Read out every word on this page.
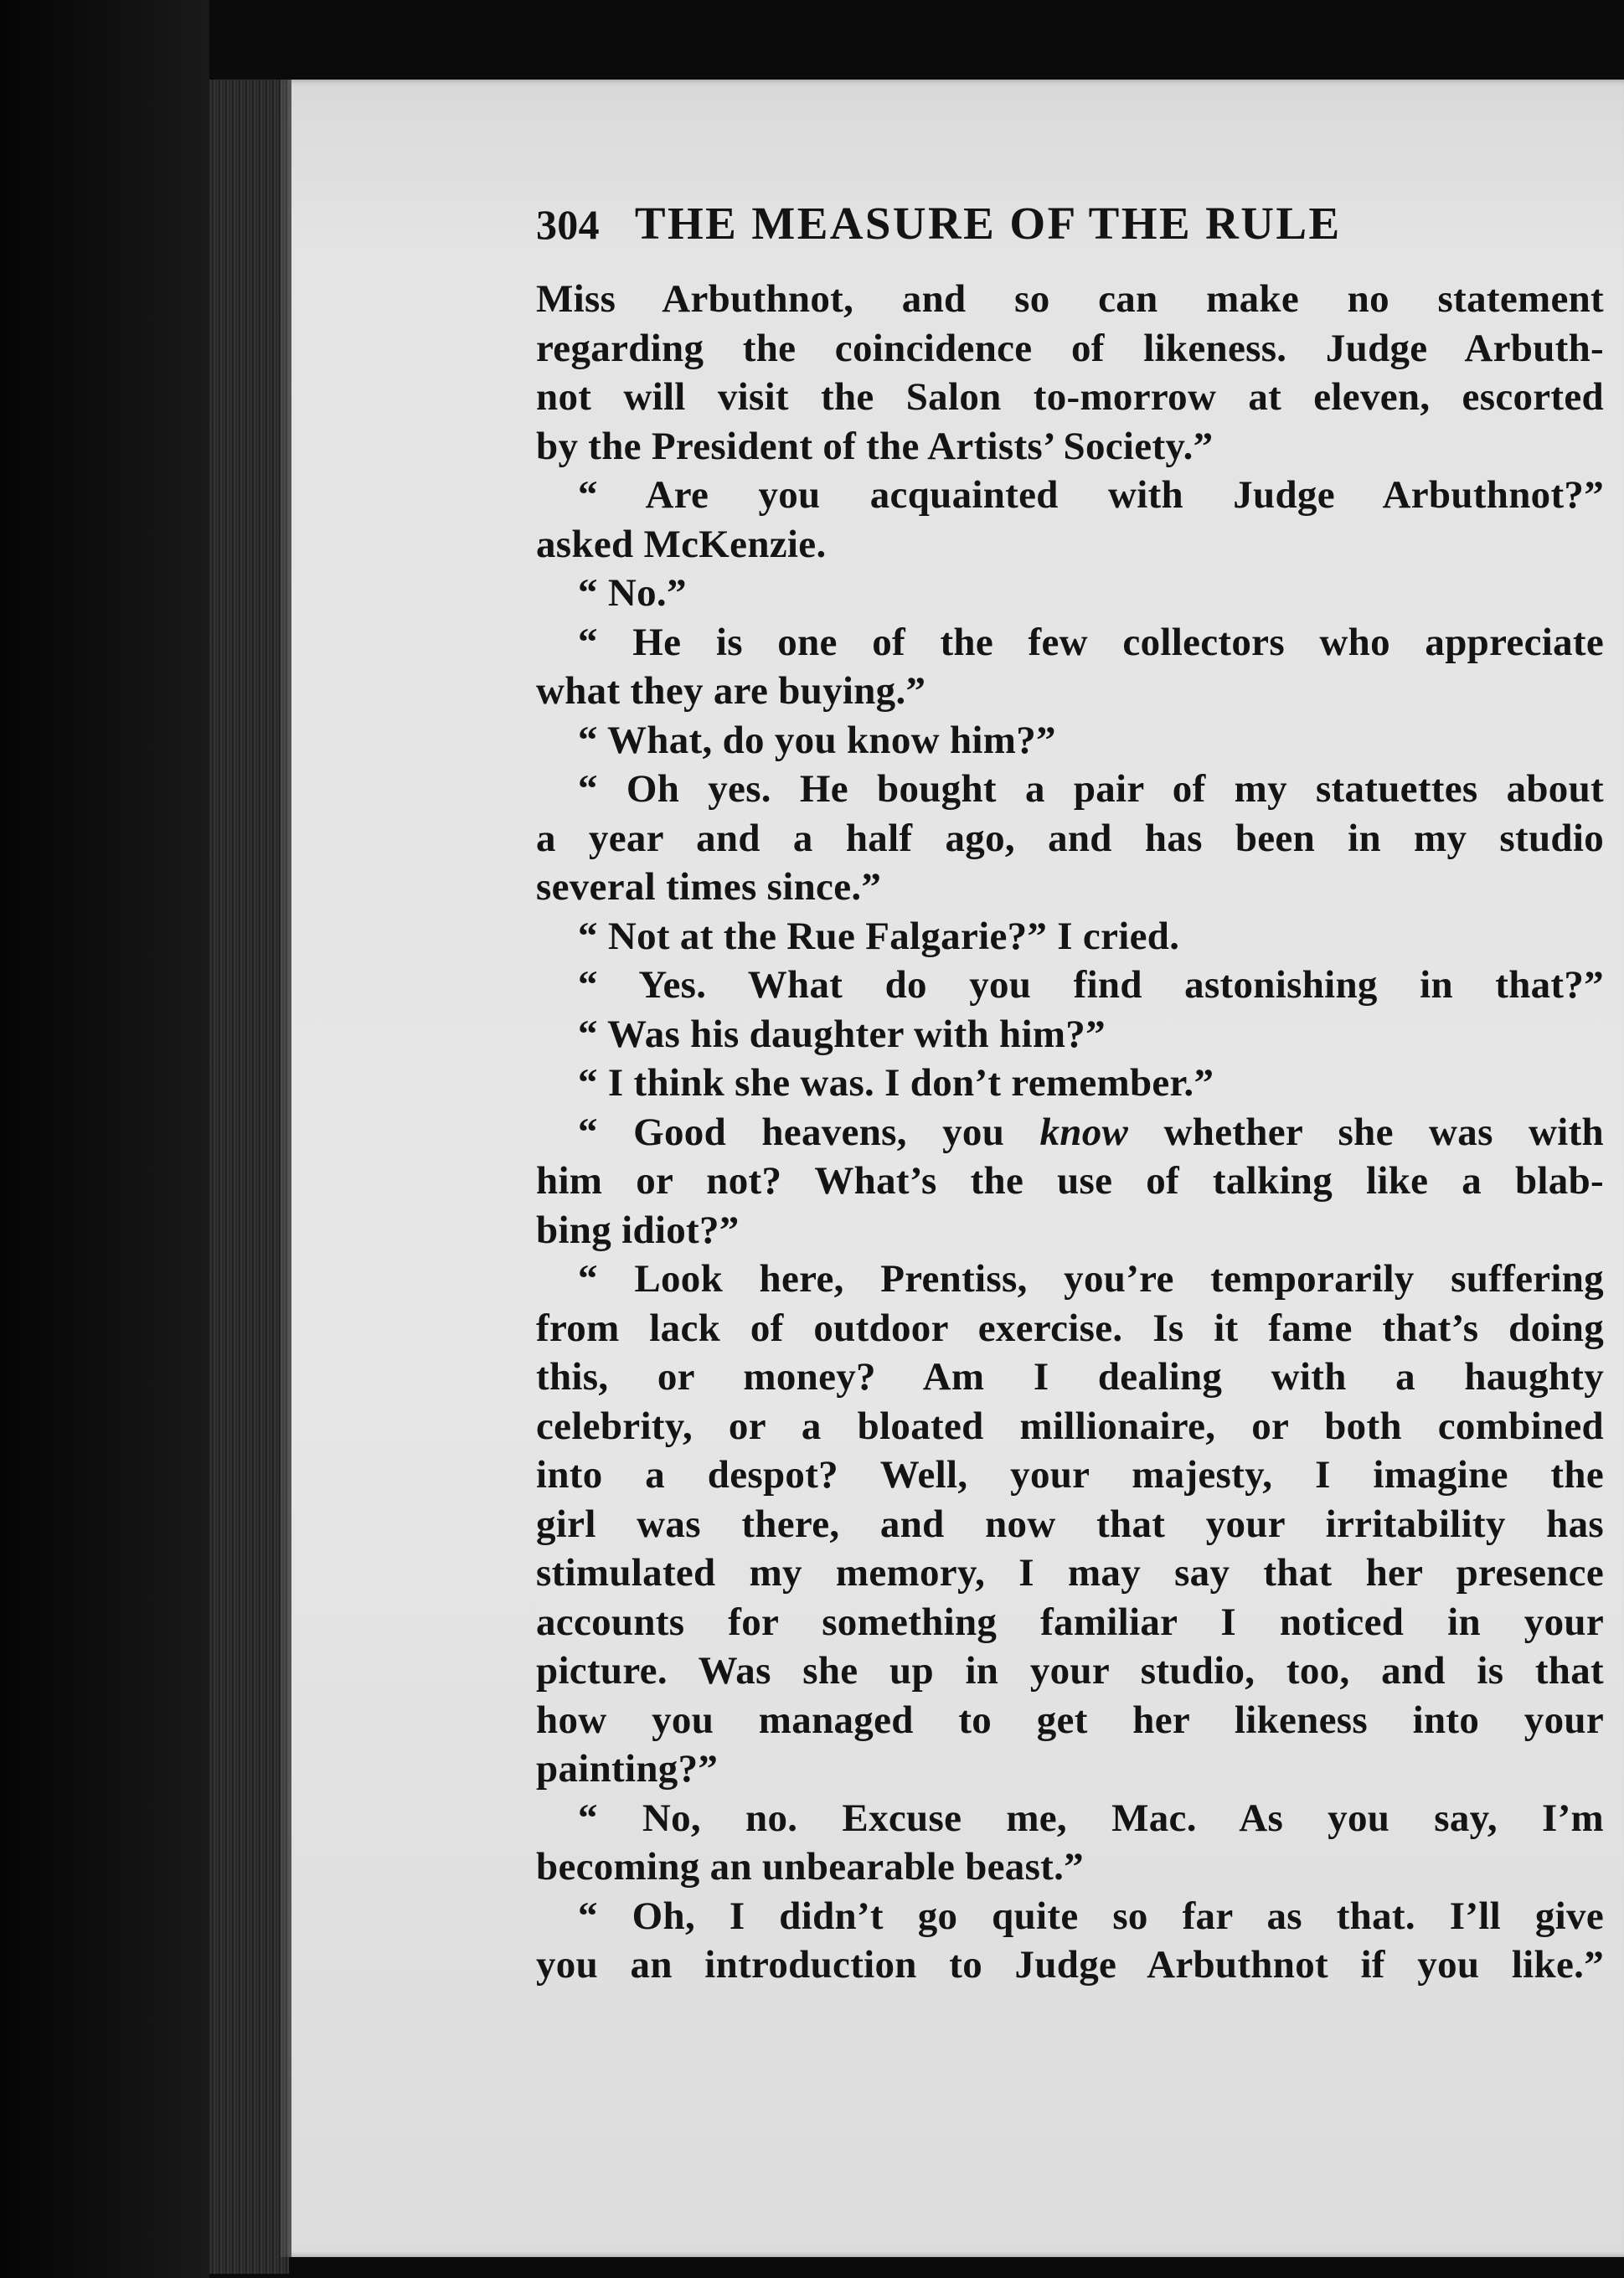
304 THE MEASURE OF THE RULE
Miss Arbuthnot, and so can make no statement
regarding the coincidence of likeness. Judge Arbuth-
not will visit the Salon to-morrow at eleven, escorted
by the President of the Artists’ Society.”
“ Are you acquainted with Judge Arbuthnot?”
asked McKenzie.
“ No.”
“ He is one of the few collectors who appreciate
what they are buying.”
“ What, do you know him?”
“ Oh yes. He bought a pair of my statuettes about
a year and a half ago, and has been in my studio
several times since.”
“ Not at the Rue Falgarie?” I cried.
“ Yes. What do you find astonishing in that?”
“ Was his daughter with him?”
“ I think she was. I don’t remember.”
“ Good heavens, you know whether she was with
him or not? What’s the use of talking like a blab-
bing idiot?”
“ Look here, Prentiss, you’re temporarily suffering
from lack of outdoor exercise. Is it fame that’s doing
this, or money? Am I dealing with a haughty
celebrity, or a bloated millionaire, or both combined
into a despot? Well, your majesty, I imagine the
girl was there, and now that your irritability has
stimulated my memory, I may say that her presence
accounts for something familiar I noticed in your
picture. Was she up in your studio, too, and is that
how you managed to get her likeness into your
painting?”
“ No, no. Excuse me, Mac. As you say, I’m
becoming an unbearable beast.”
“ Oh, I didn’t go quite so far as that. I’ll give
you an introduction to Judge Arbuthnot if you like.”
